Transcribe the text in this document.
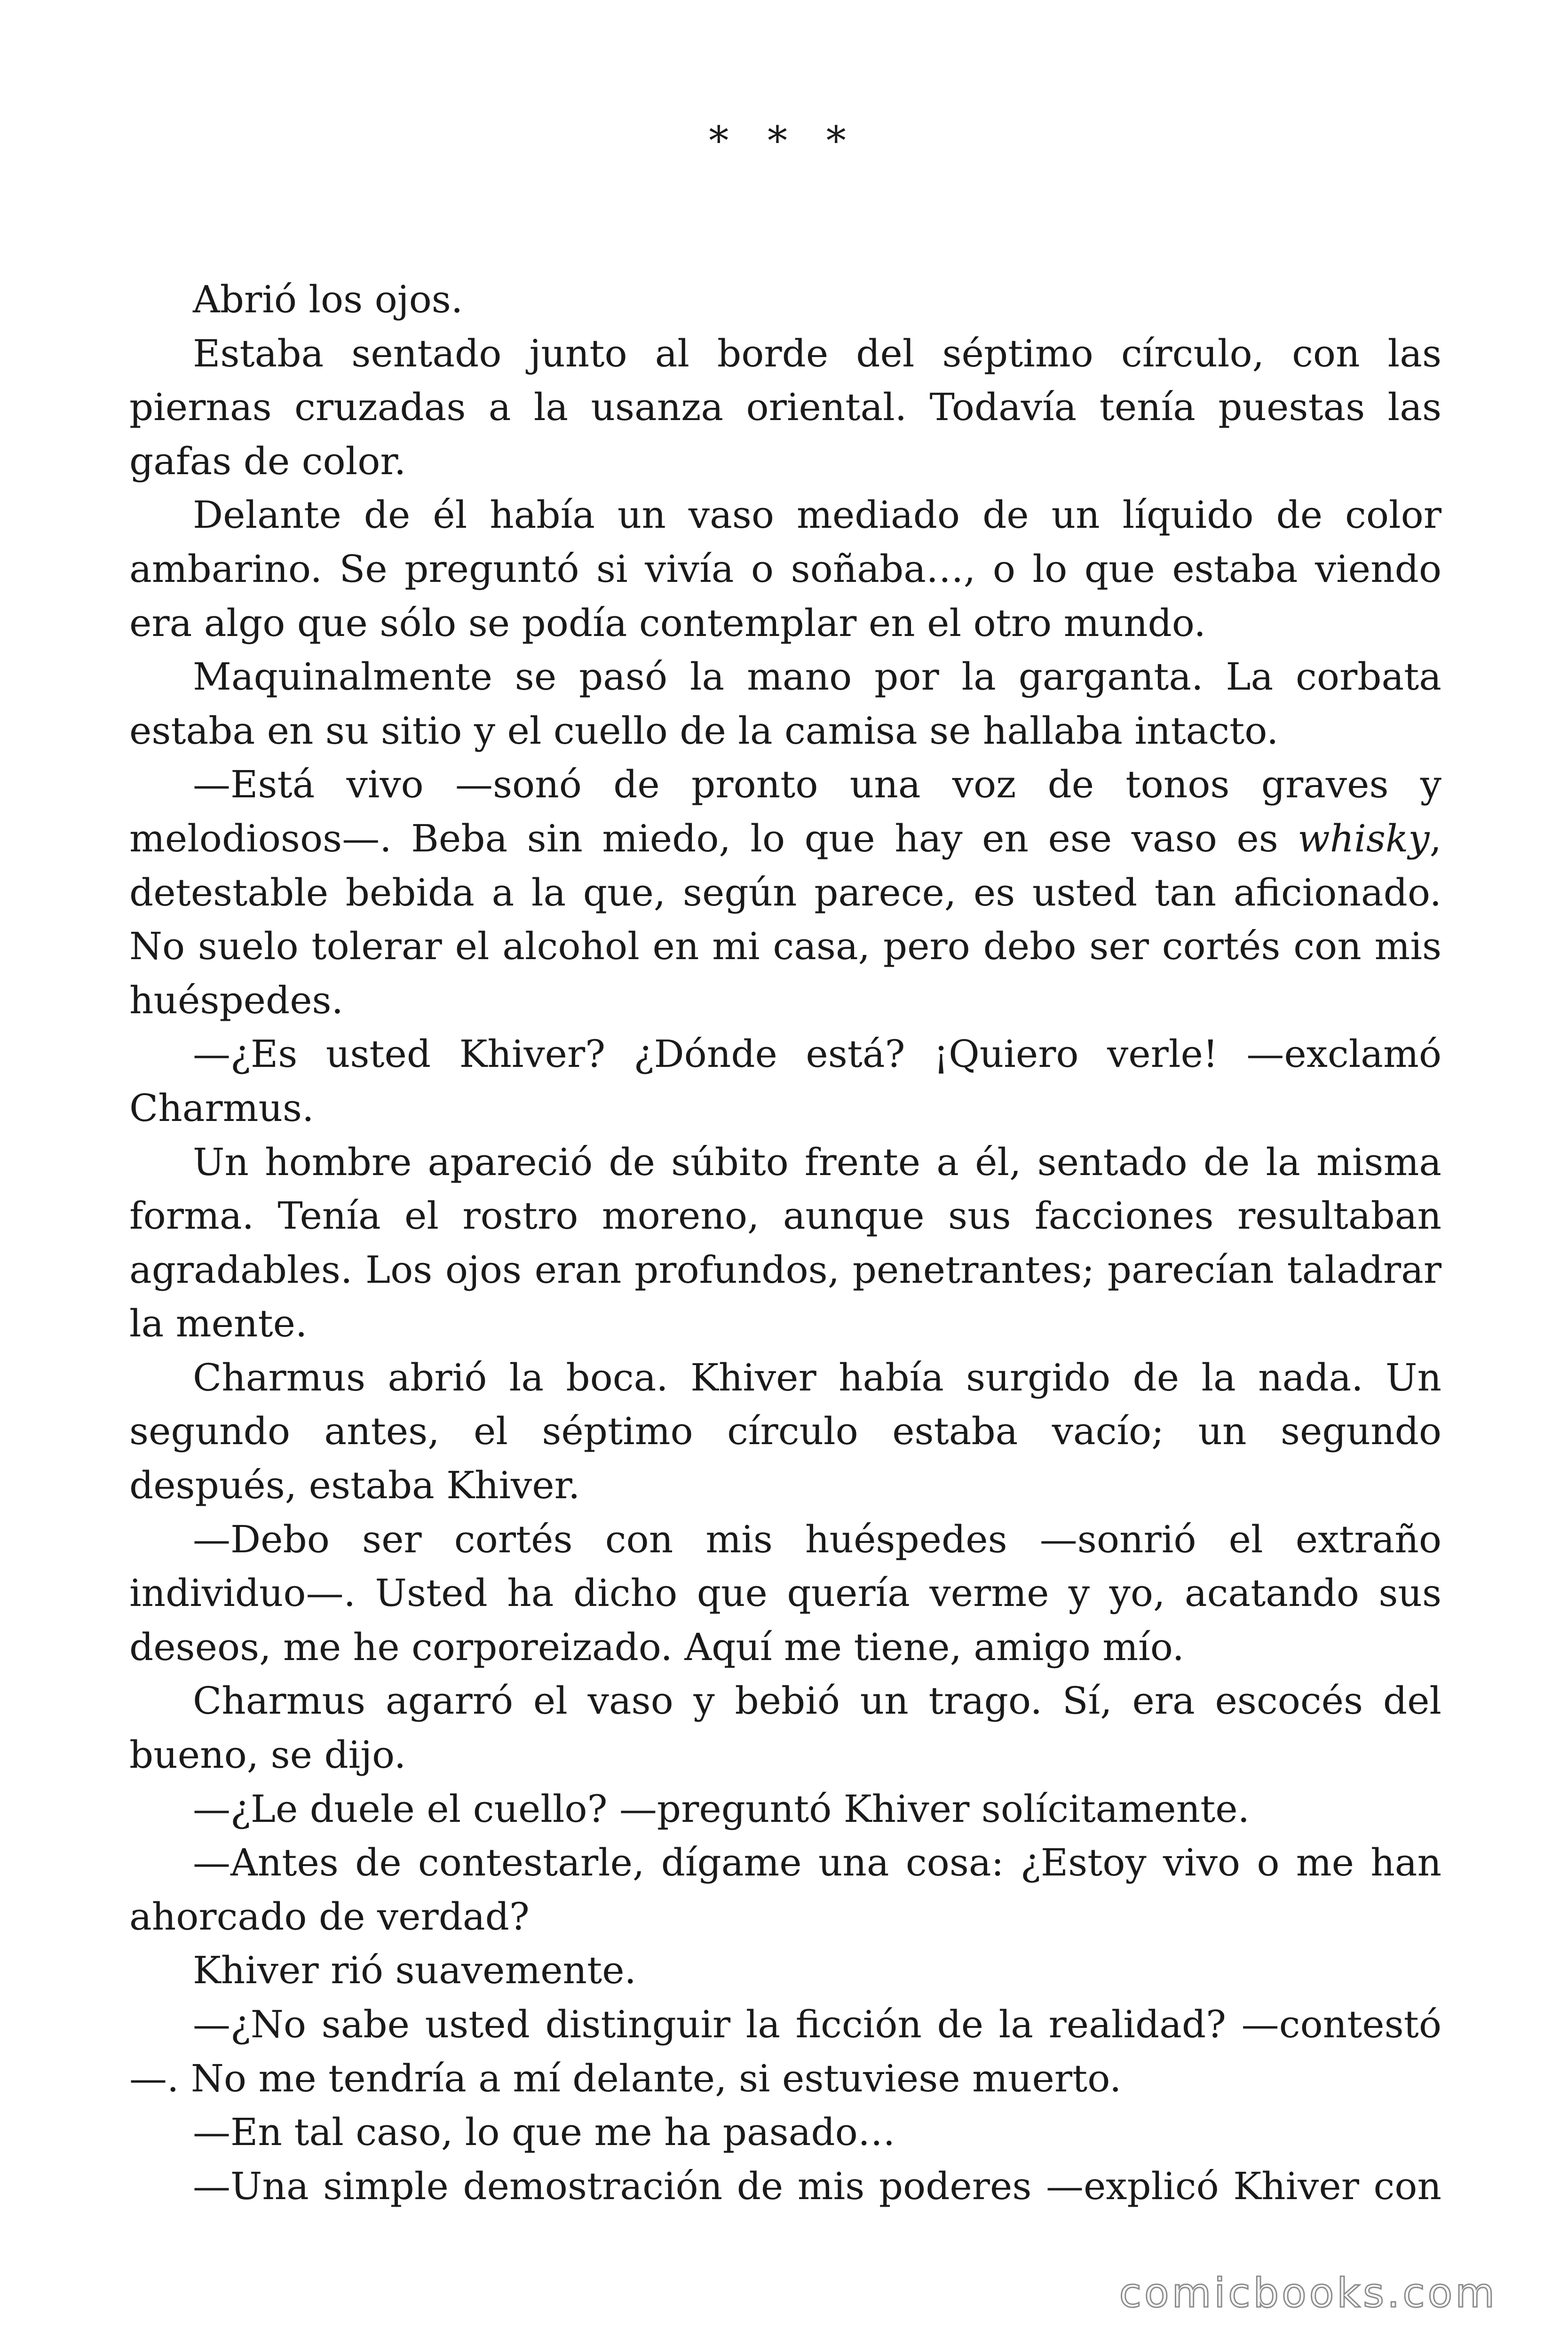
* * *

Abrió los ojos.

Estaba sentado junto al borde del séptimo círculo, con las piernas cruzadas a la usanza oriental. Todavía tenía puestas las gafas de color.

Delante de él había un vaso mediado de un líquido de color ambarino. Se preguntó si vivía o soñaba…, o lo que estaba viendo era algo que sólo se podía contemplar en el otro mundo.

Maquinalmente se pasó la mano por la garganta. La corbata estaba en su sitio y el cuello de la camisa se hallaba intacto.

—Está vivo —sonó de pronto una voz de tonos graves y melodiosos—. Beba sin miedo, lo que hay en ese vaso es whisky, detestable bebida a la que, según parece, es usted tan aficionado. No suelo tolerar el alcohol en mi casa, pero debo ser cortés con mis huéspedes.

—¿Es usted Khiver? ¿Dónde está? ¡Quiero verle! —exclamó Charmus.

Un hombre apareció de súbito frente a él, sentado de la misma forma. Tenía el rostro moreno, aunque sus facciones resultaban agradables. Los ojos eran profundos, penetrantes; parecían taladrar la mente.

Charmus abrió la boca. Khiver había surgido de la nada. Un segundo antes, el séptimo círculo estaba vacío; un segundo después, estaba Khiver.

—Debo ser cortés con mis huéspedes —sonrió el extraño individuo—. Usted ha dicho que quería verme y yo, acatando sus deseos, me he corporeizado. Aquí me tiene, amigo mío.

Charmus agarró el vaso y bebió un trago. Sí, era escocés del bueno, se dijo.

—¿Le duele el cuello? —preguntó Khiver solícitamente.

—Antes de contestarle, dígame una cosa: ¿Estoy vivo o me han ahorcado de verdad?

Khiver rió suavemente.

—¿No sabe usted distinguir la ficción de la realidad? —contestó—. No me tendría a mí delante, si estuviese muerto.

—En tal caso, lo que me ha pasado…

—Una simple demostración de mis poderes —explicó Khiver con

comicbooks.com
